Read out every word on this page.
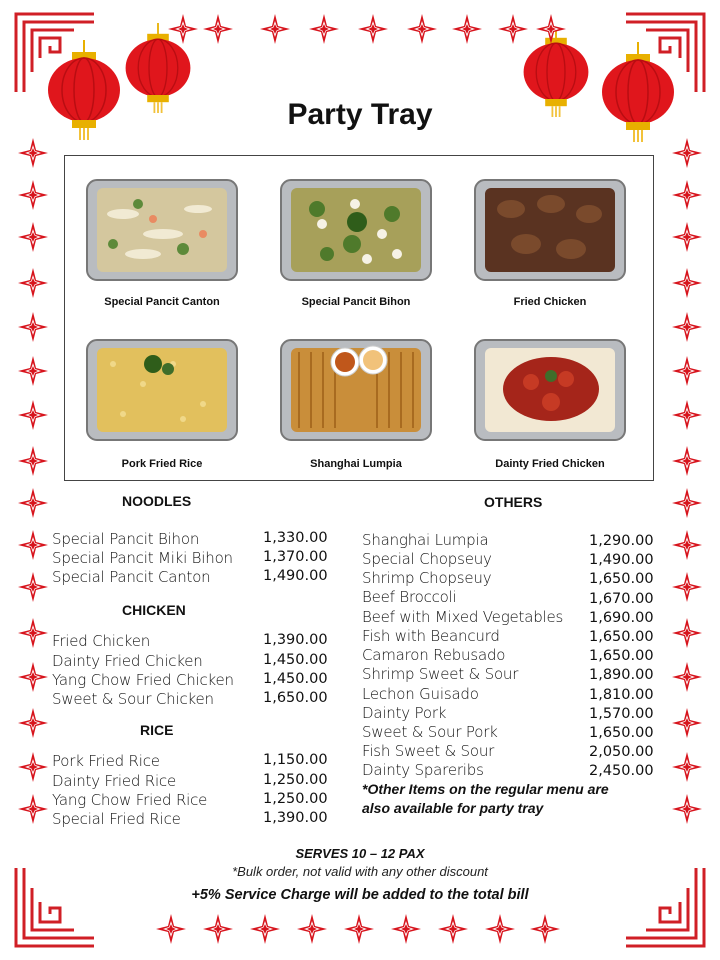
Party Tray
Special Pancit Canton	Special Pancit Bihon	Fried Chicken
Pork Fried Rice	Shanghai Lumpia	Dainty Fried Chicken
NOODLES
Special Pancit Bihon	1,330.00
Special Pancit Miki Bihon 1,370.00
Special Pancit Canton	1,490.00
CHICKEN
Fried Chicken	1,390.00
Dainty Fried Chicken	1,450.00
Yang Chow Fried Chicken 1,450.00
Sweet & Sour Chicken	1,650.00
RICE
Pork Fried Rice	1,150.00
Dainty Fried Rice	1,250.00
Yang Chow Fried Rice	1,250.00
Special Fried Rice	1,390.00
OTHERS
Shanghai Lumpia	1,290.00
Special Chopseuy	1,490.00
Shrimp Chopseuy	1,650.00
Beef Broccoli	1,670.00
Beef with Mixed Vegetables 1,690.00
Fish with Beancurd	1,650.00
Camaron Rebusado	1,650.00
Shrimp Sweet & Sour	1,890.00
Lechon Guisado	1,810.00
Dainty Pork	1,570.00
Sweet & Sour Pork	1,650.00
Fish Sweet & Sour	2,050.00
Dainty Spareribs	2,450.00
*Other Items on the regular menu are
also available for party tray
SERVES 10 – 12 PAX
*Bulk order, not valid with any other discount
+5% Service Charge will be added to the total bill
